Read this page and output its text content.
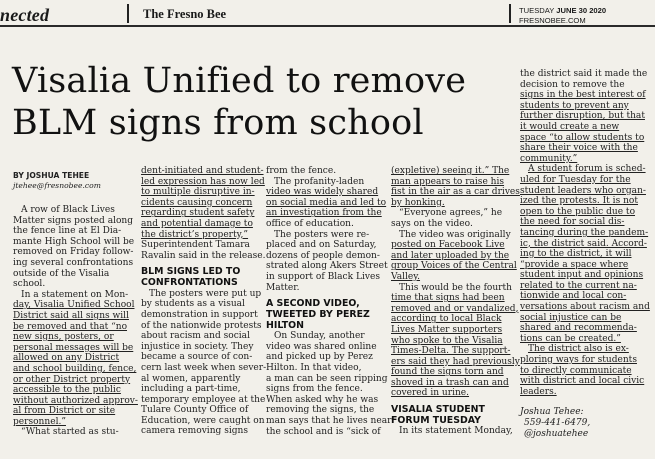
nected	The Fresno Bee	TUESDAY JUNE 30 2020
FRESNOBEE.COM
Visalia Unified to remove
BLM signs from school
BY JOSHUA TEHEE
jtehee@fresnobee.com
A row of Black Lives
Matter signs posted along
the fence line at El Dia-
mante High School will be
removed on Friday follow-
ing several confrontations
outside of the Visalia
school.
In a statement on Mon-
day, Visalia Unified School
District said all signs will
be removed and that “no
new signs, posters, or
personal messages will be
allowed on any District
and school building, fence,
or other District property
accessible to the public
without authorized approv-
al from District or site
personnel.”
“What started as stu-
dent-initiated and student-
led expression has now led
to multiple disruptive in-
cidents causing concern
regarding student safety
and potential damage to
the district’s property,”
Superintendent Tamara
Ravalin said in the release.
BLM SIGNS LED TO
CONFRONTATIONS
The posters were put up
by students as a visual
demonstration in support
of the nationwide protests
about racism and social
injustice in society. They
became a source of con-
cern last week when sever-
al women, apparently
including a part-time,
temporary employee at the
Tulare County Office of
Education, were caught on
camera removing signs
from the fence.
The profanity-laden
video was widely shared
on social media and led to
an investigation from the
office of education.
The posters were re-
placed and on Saturday,
dozens of people demon-
strated along Akers Street
in support of Black Lives
Matter.
A SECOND VIDEO,
TWEETED BY PEREZ
HILTON
On Sunday, another
video was shared online
and picked up by Perez
Hilton. In that video,
a man can be seen ripping
signs from the fence.
When asked why he was
removing the signs, the
man says that he lives near
the school and is “sick of
(expletive) seeing it.” The
man appears to raise his
fist in the air as a car drives
by honking.
“Everyone agrees,” he
says on the video.
The video was originally
posted on Facebook Live
and later uploaded by the
group Voices of the Central
Valley.
This would be the fourth
time that signs had been
removed and or vandalized,
according to local Black
Lives Matter supporters
who spoke to the Visalia
Times-Delta. The support-
ers said they had previously
found the signs torn and
shoved in a trash can and
covered in urine.
VISALIA STUDENT
FORUM TUESDAY
In its statement Monday,
the district said it made the
decision to remove the
signs in the best interest of
students to prevent any
further disruption, but that
it would create a new
space “to allow students to
share their voice with the
community.”
A student forum is sched-
uled for Tuesday for the
student leaders who organ-
ized the protests. It is not
open to the public due to
the need for social dis-
tancing during the pandem-
ic, the district said. Accord-
ing to the district, it will
“provide a space where
student input and opinions
related to the current na-
tionwide and local con-
versations about racism and
social injustice can be
shared and recommenda-
tions can be created.”
The district also is ex-
ploring ways for students
to directly communicate
with district and local civic
leaders.
Joshua Tehee:
559-441-6479,
@joshuatehee
